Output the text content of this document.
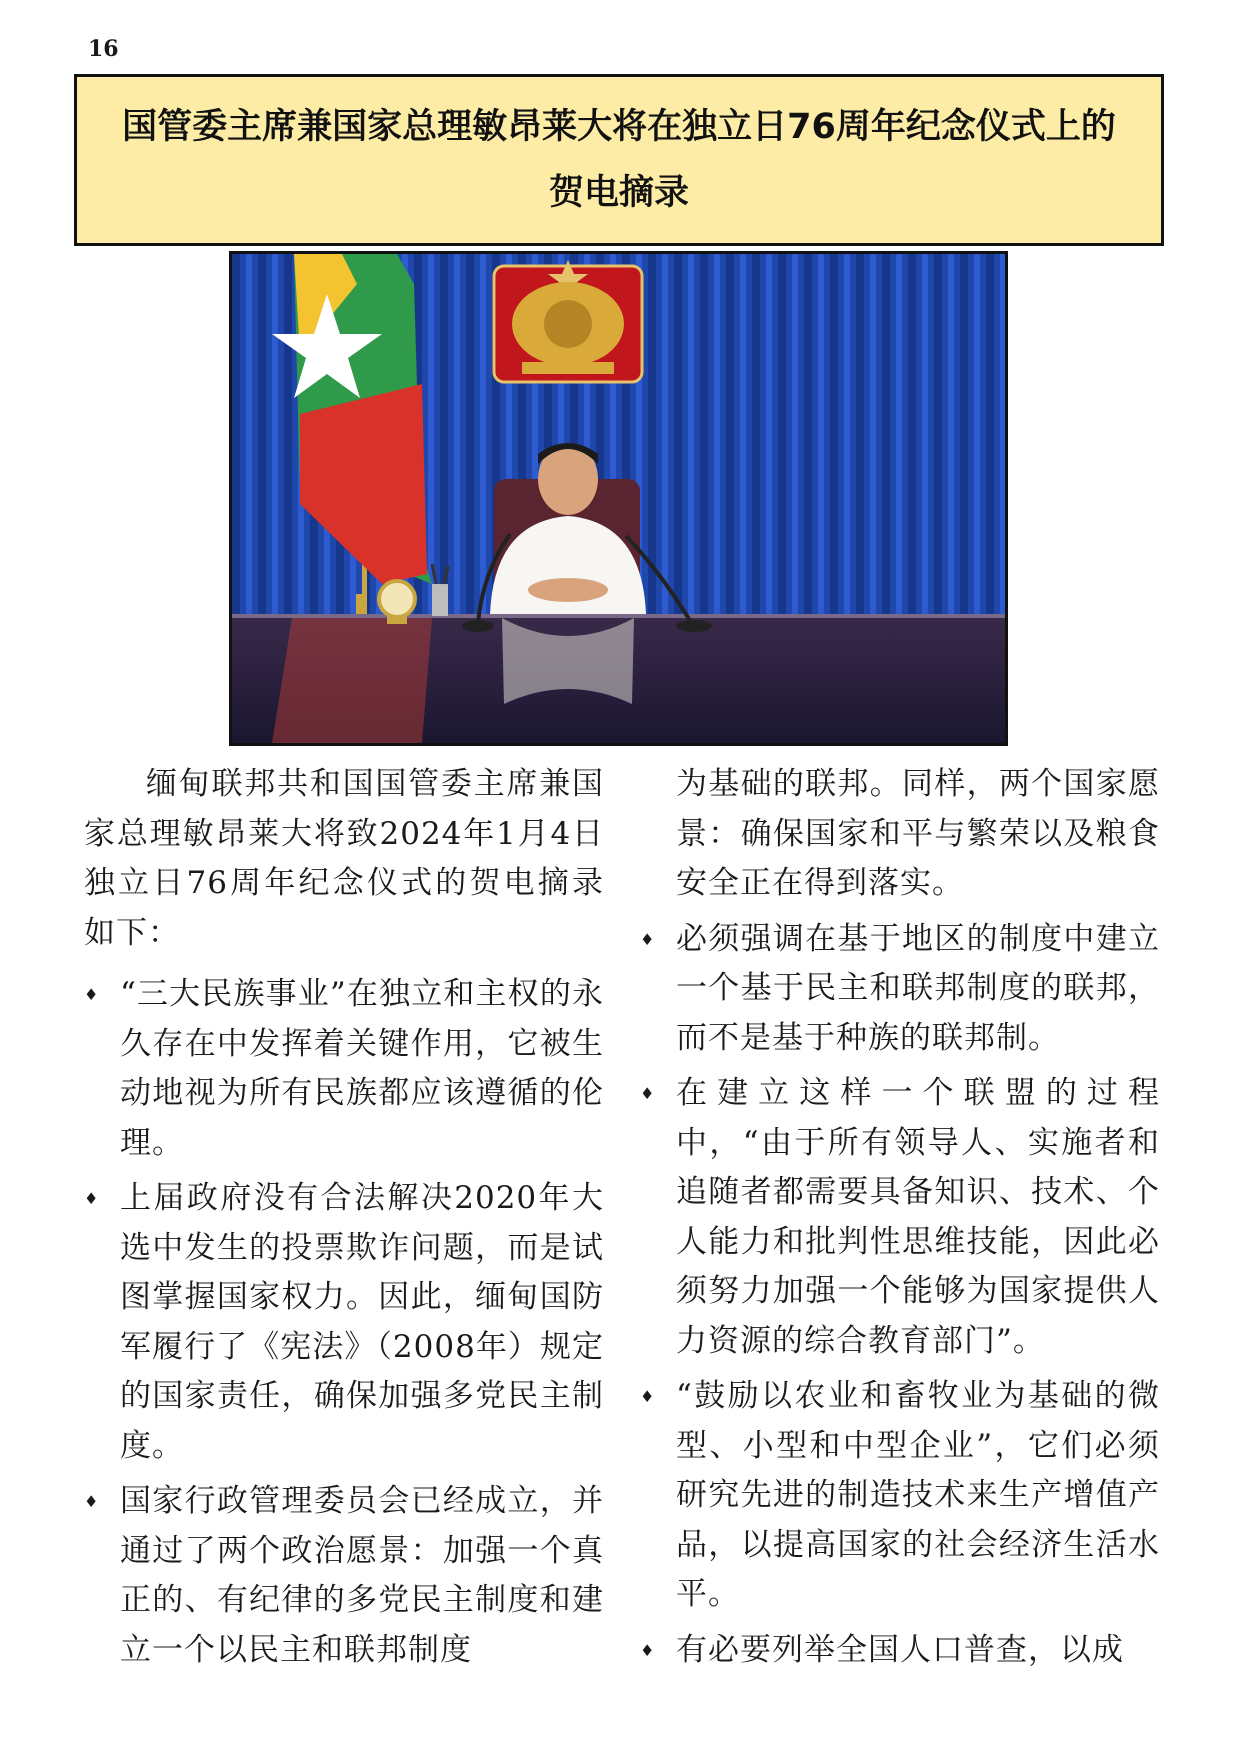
16
国管委主席兼国家总理敏昂莱大将在独立日76周年纪念仪式上的
贺电摘录

缅甸联邦共和国国管委主席兼国家总理敏昂莱大将致2024年1月4日独立日76周年纪念仪式的贺电摘录如下：

♦ “三大民族事业”在独立和主权的永久存在中发挥着关键作用，它被生动地视为所有民族都应该遵循的伦理。
♦ 上届政府没有合法解决2020年大选中发生的投票欺诈问题，而是试图掌握国家权力。因此，缅甸国防军履行了《宪法》（2008年）规定的国家责任，确保加强多党民主制度。
♦ 国家行政管理委员会已经成立，并通过了两个政治愿景：加强一个真正的、有纪律的多党民主制度和建立一个以民主和联邦制度

为基础的联邦。同样，两个国家愿景：确保国家和平与繁荣以及粮食安全正在得到落实。

♦ 必须强调在基于地区的制度中建立一个基于民主和联邦制度的联邦，而不是基于种族的联邦制。
♦ 在建立这样一个联盟的过程中，“由于所有领导人、实施者和追随者都需要具备知识、技术、个人能力和批判性思维技能，因此必须努力加强一个能够为国家提供人力资源的综合教育部门”。
♦ “鼓励以农业和畜牧业为基础的微型、小型和中型企业”，它们必须研究先进的制造技术来生产增值产品，以提高国家的社会经济生活水平。
♦ 有必要列举全国人口普查，以成
